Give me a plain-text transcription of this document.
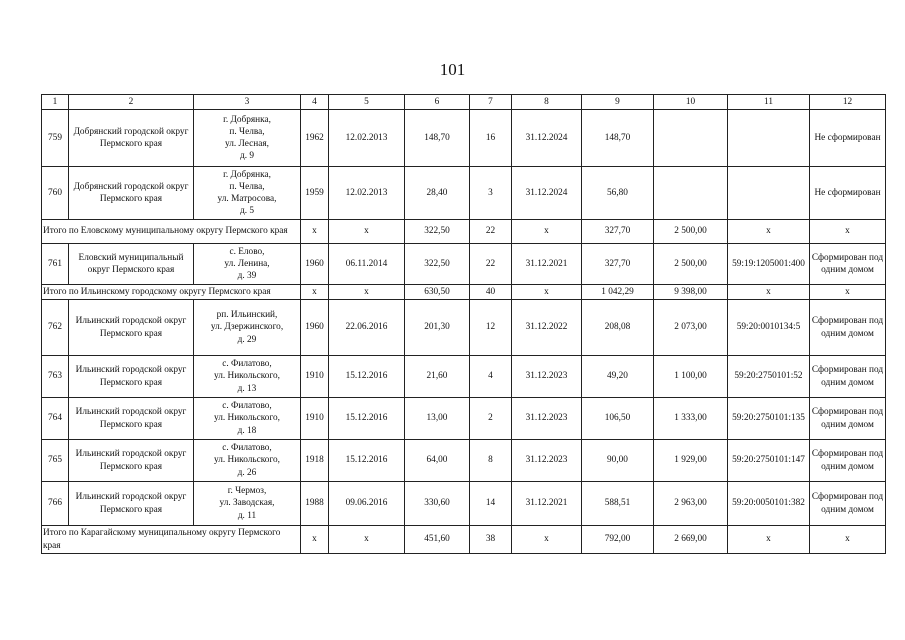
101
1	2	3	4	5	6	7	8	9	10	11	12
759	Добрянский городской округ Пермского края	г. Добрянка,
п. Челва,
ул. Лесная,
д. 9	1962	12.02.2013	148,70	16	31.12.2024	148,70			Не сформирован
760	Добрянский городской округ Пермского края	г. Добрянка,
п. Челва,
ул. Матросова,
д. 5	1959	12.02.2013	28,40	3	31.12.2024	56,80			Не сформирован
Итого по Еловскому муниципальному округу Пермского края			x	x	322,50	22	x	327,70	2 500,00	x	x
761	Еловский муниципальный округ Пермского края	с. Елово,
ул. Ленина,
д. 39	1960	06.11.2014	322,50	22	31.12.2021	327,70	2 500,00	59:19:1205001:400	Сформирован под одним домом
Итого по Ильинскому городскому округу Пермского края			x	x	630,50	40	x	1 042,29	9 398,00	x	x
762	Ильинский городской округ Пермского края	рп. Ильинский,
ул. Дзержинского,
д. 29	1960	22.06.2016	201,30	12	31.12.2022	208,08	2 073,00	59:20:0010134:5	Сформирован под одним домом
763	Ильинский городской округ Пермского края	с. Филатово,
ул. Никольского,
д. 13	1910	15.12.2016	21,60	4	31.12.2023	49,20	1 100,00	59:20:2750101:52	Сформирован под одним домом
764	Ильинский городской округ Пермского края	с. Филатово,
ул. Никольского,
д. 18	1910	15.12.2016	13,00	2	31.12.2023	106,50	1 333,00	59:20:2750101:135	Сформирован под одним домом
765	Ильинский городской округ Пермского края	с. Филатово,
ул. Никольского,
д. 26	1918	15.12.2016	64,00	8	31.12.2023	90,00	1 929,00	59:20:2750101:147	Сформирован под одним домом
766	Ильинский городской округ Пермского края	г. Чермоз,
ул. Заводская,
д. 11	1988	09.06.2016	330,60	14	31.12.2021	588,51	2 963,00	59:20:0050101:382	Сформирован под одним домом
Итого по Карагайскому муниципальному округу Пермского края			x	x	451,60	38	x	792,00	2 669,00	x	x
